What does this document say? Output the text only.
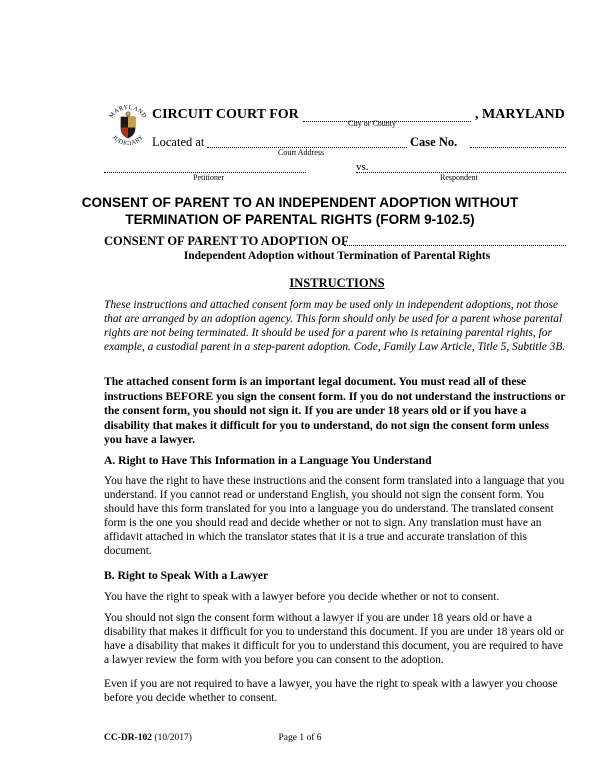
MARYLAND
JUDICIARY
CIRCUIT COURT FOR	, MARYLAND
City or County
Located at	Case No.
Court Address
vs.
Petitioner	Respondent
CONSENT OF PARENT TO AN INDEPENDENT ADOPTION WITHOUT
TERMINATION OF PARENTAL RIGHTS (FORM 9-102.5)
CONSENT OF PARENT TO ADOPTION OF
Independent Adoption without Termination of Parental Rights
INSTRUCTIONS

These instructions and attached consent form may be used only in independent adoptions, not those that are arranged by an adoption agency. This form should only be used for a parent whose parental rights are not being terminated. It should be used for a parent who is retaining parental rights, for example, a custodial parent in a step-parent adoption. Code, Family Law Article, Title 5, Subtitle 3B.

The attached consent form is an important legal document. You must read all of these instructions BEFORE you sign the consent form. If you do not understand the instructions or the consent form, you should not sign it. If you are under 18 years old or if you have a disability that makes it difficult for you to understand, do not sign the consent form unless you have a lawyer.

A. Right to Have This Information in a Language You Understand

You have the right to have these instructions and the consent form translated into a language that you understand. If you cannot read or understand English, you should not sign the consent form. You should have this form translated for you into a language you do understand. The translated consent form is the one you should read and decide whether or not to sign. Any translation must have an affidavit attached in which the translator states that it is a true and accurate translation of this document.

B. Right to Speak With a Lawyer

You have the right to speak with a lawyer before you decide whether or not to consent.

You should not sign the consent form without a lawyer if you are under 18 years old or have a disability that makes it difficult for you to understand this document. If you are under 18 years old or have a disability that makes it difficult for you to understand this document, you are required to have a lawyer review the form with you before you can consent to the adoption.

Even if you are not required to have a lawyer, you have the right to speak with a lawyer you choose before you decide whether to consent.

Page 1 of 6
CC-DR-102 (10/2017)
